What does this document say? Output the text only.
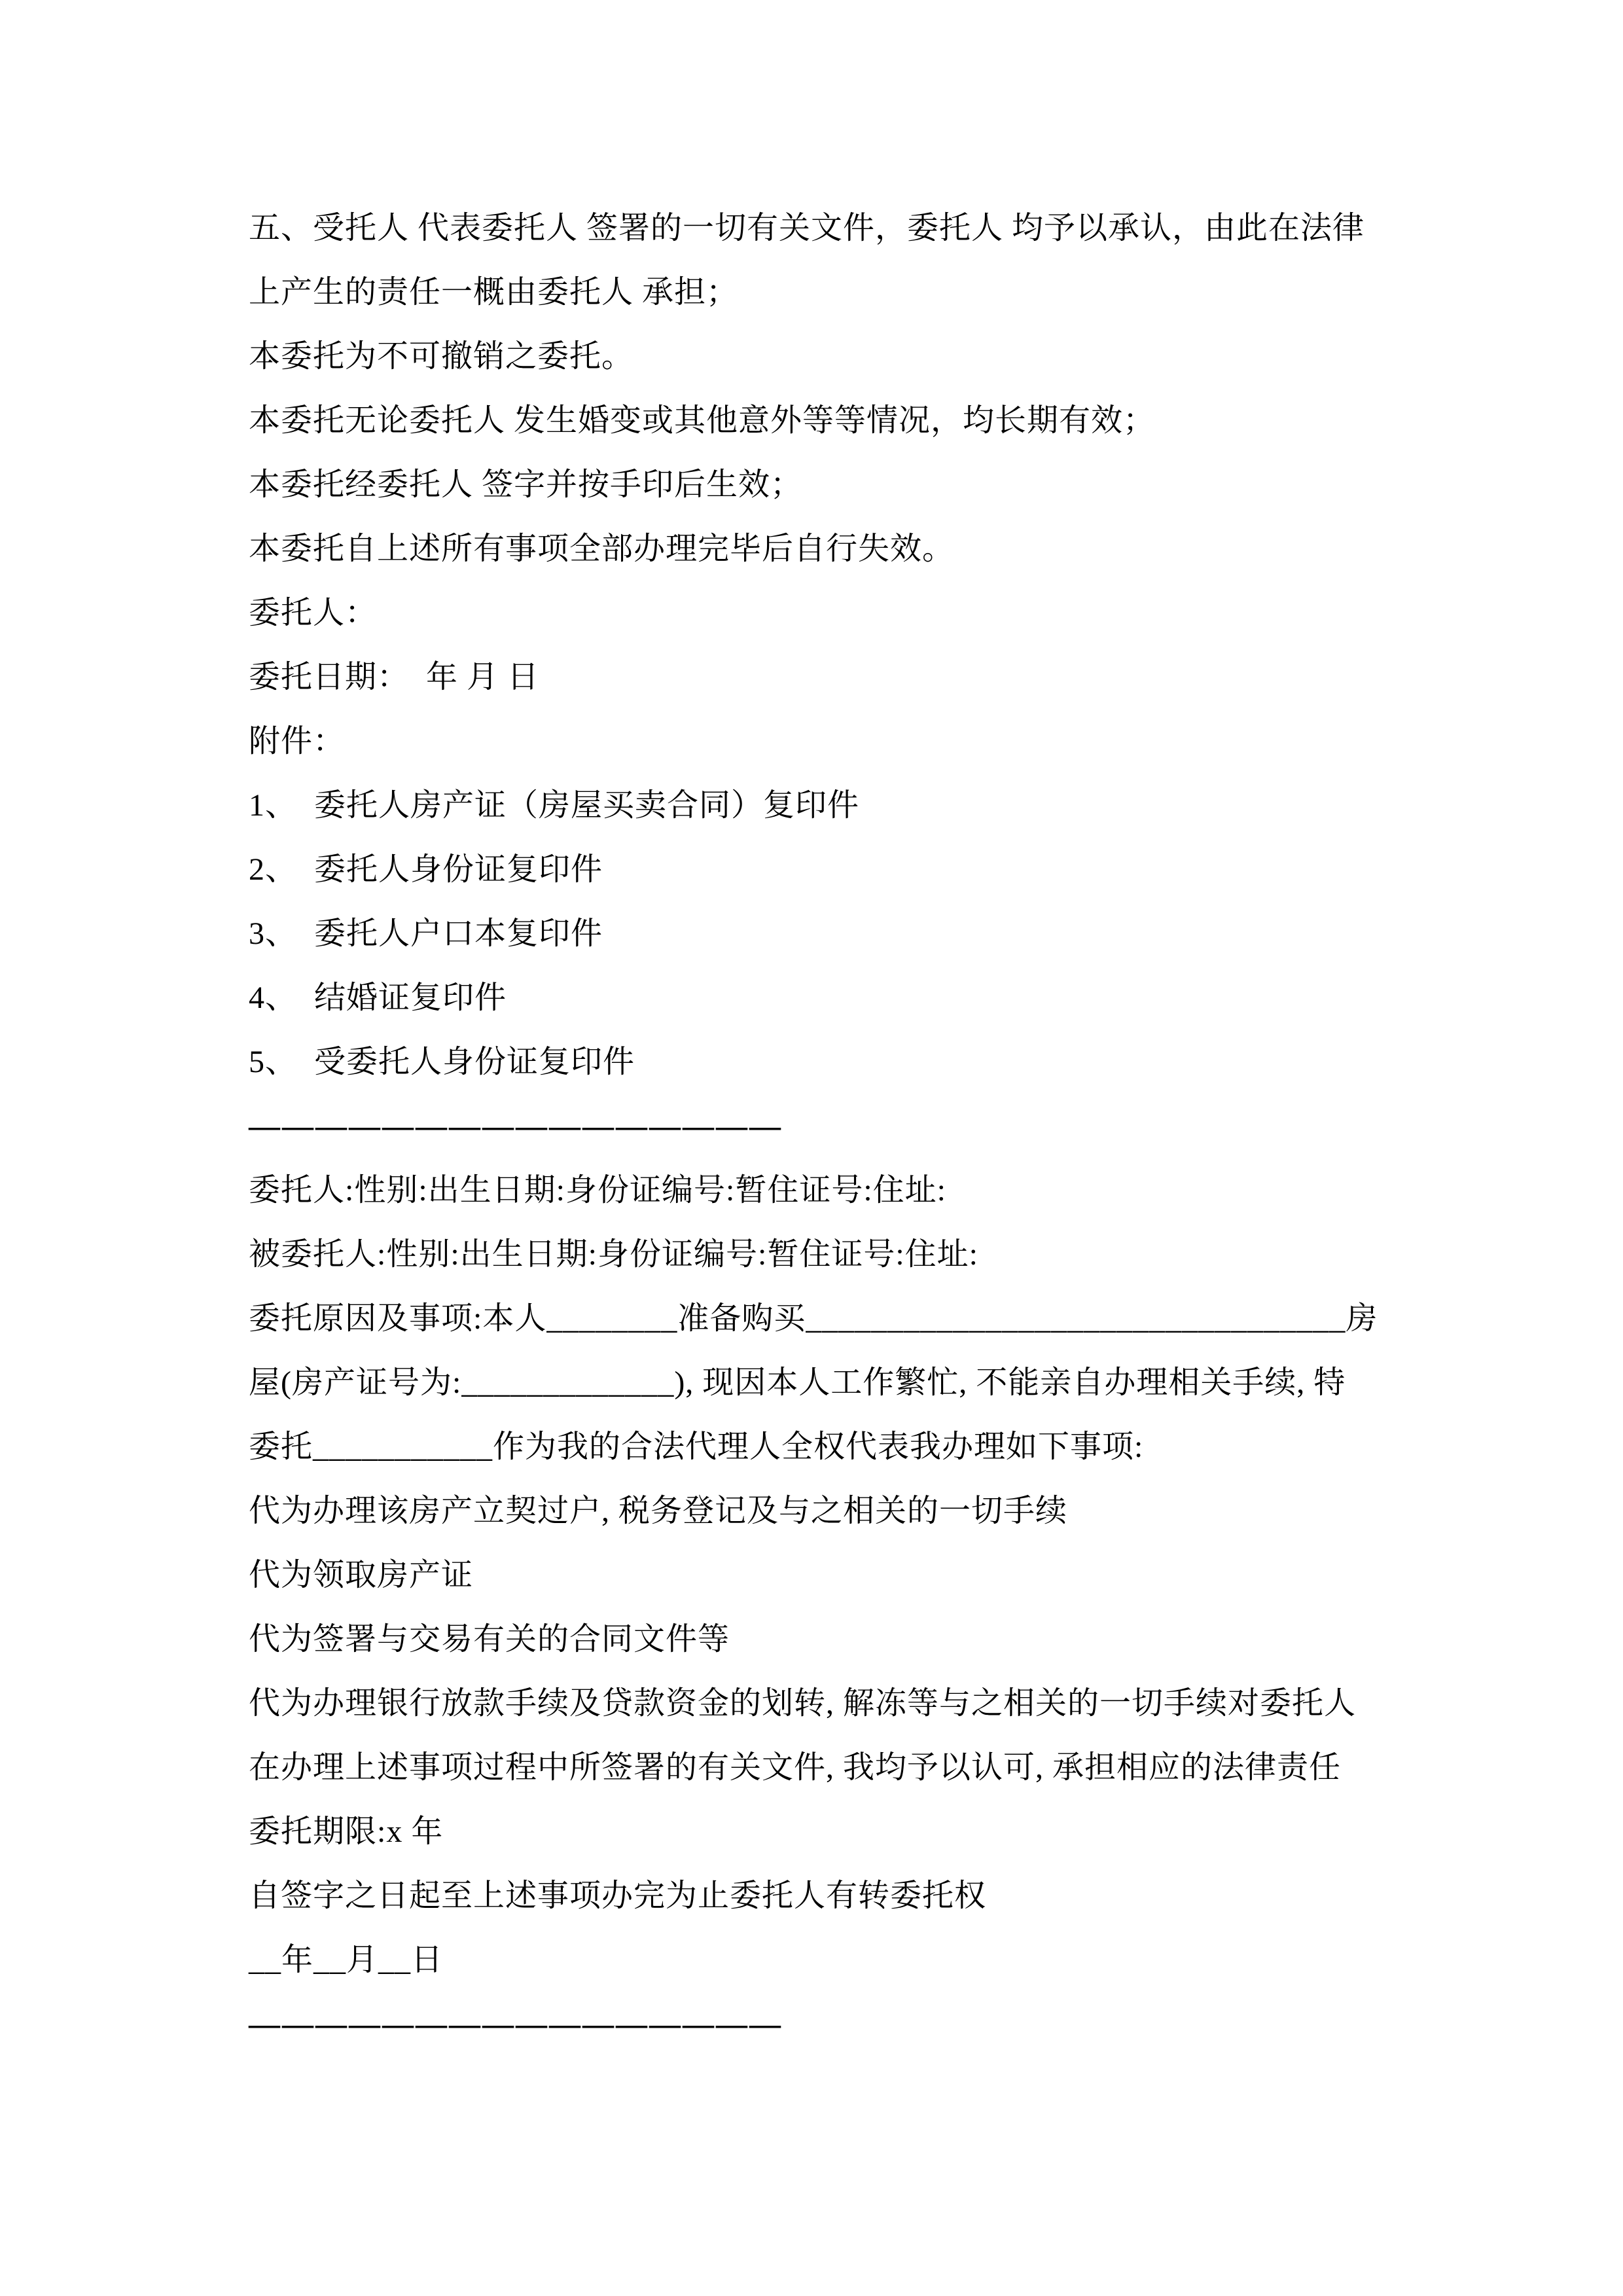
五、受托人 代表委托人 签署的一切有关文件，委托人 均予以承认，由此在法律
上产生的责任一概由委托人 承担；
本委托为不可撤销之委托。
本委托无论委托人 发生婚变或其他意外等等情况，均长期有效；
本委托经委托人 签字并按手印后生效；
本委托自上述所有事项全部办理完毕后自行失效。
委托人：
委托日期：  年 月 日
附件：
1、  委托人房产证（房屋买卖合同）复印件
2、  委托人身份证复印件
3、  委托人户口本复印件
4、  结婚证复印件
5、  受委托人身份证复印件
————————————————
委托人:性别:出生日期:身份证编号:暂住证号:住址:
被委托人:性别:出生日期:身份证编号:暂住证号:住址:
委托原因及事项:本人________准备购买_________________________________房
屋(房产证号为:_____________), 现因本人工作繁忙, 不能亲自办理相关手续, 特
委托___________作为我的合法代理人全权代表我办理如下事项:
代为办理该房产立契过户, 税务登记及与之相关的一切手续
代为领取房产证
代为签署与交易有关的合同文件等
代为办理银行放款手续及贷款资金的划转, 解冻等与之相关的一切手续对委托人
在办理上述事项过程中所签署的有关文件, 我均予以认可, 承担相应的法律责任
委托期限:x 年
自签字之日起至上述事项办完为止委托人有转委托权
__年__月__日
————————————————
